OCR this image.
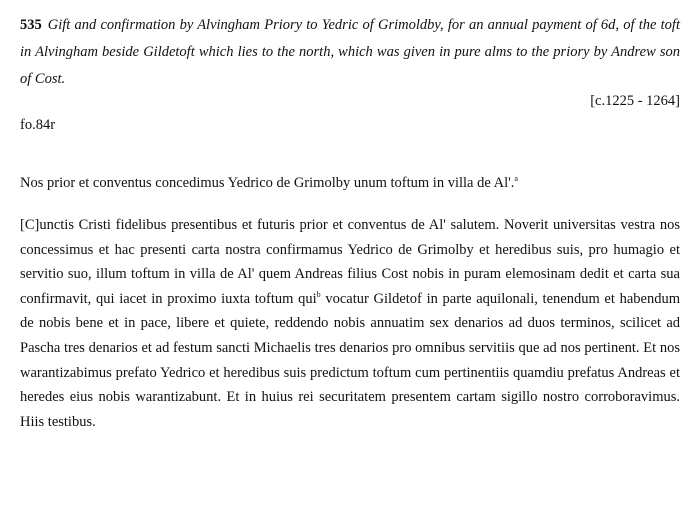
535 Gift and confirmation by Alvingham Priory to Yedric of Grimoldby, for an annual payment of 6d, of the toft in Alvingham beside Gildetoft which lies to the north, which was given in pure alms to the priory by Andrew son of Cost.
[c.1225 - 1264]
fo.84r
Nos prior et conventus concedimus Yedrico de Grimolby unum toftum in villa de Al'.$^a$
[C]unctis Cristi fidelibus presentibus et futuris prior et conventus de Al' salutem. Noverit universitas vestra nos concessimus et hac presenti carta nostra confirmamus Yedrico de Grimolby et heredibus suis, pro humagio et servitio suo, illum toftum in villa de Al' quem Andreas filius Cost nobis in puram elemosinam dedit et carta sua confirmavit, qui iacet in proximo iuxta toftum qui$^b$ vocatur Gildetof in parte aquilonali, tenendum et habendum de nobis bene et in pace, libere et quiete, reddendo nobis annuatim sex denarios ad duos terminos, scilicet ad Pascha tres denarios et ad festum sancti Michaelis tres denarios pro omnibus servitiis que ad nos pertinent. Et nos warantizabimus prefato Yedrico et heredibus suis predictum toftum cum pertinentiis quamdiu prefatus Andreas et heredes eius nobis warantizabunt. Et in huius rei securitatem presentem cartam sigillo nostro corroboravimus. Hiis testibus.
